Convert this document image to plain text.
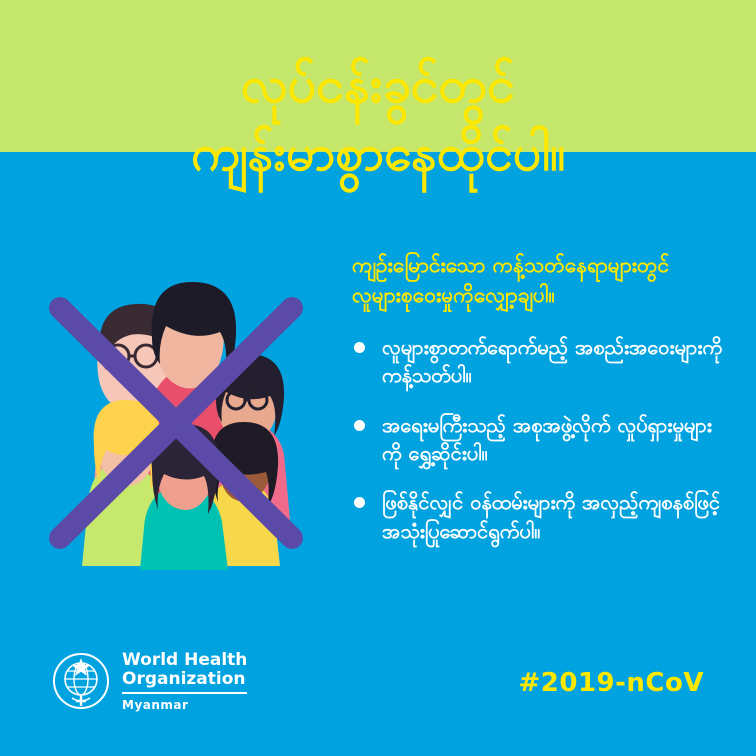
လုပ်ငန်းခွင်တွင်
ကျန်းမာစွာနေထိုင်ပါ။

ကျဉ်းမြောင်းသော ကန့်သတ်နေရာများတွင် လူများစုဝေးမှုကိုလျှော့ချပါ။

လူများစွာတက်ရောက်မည့် အစည်းအဝေးများကို ကန့်သတ်ပါ။
အရေးမကြီးသည့် အစုအဖွဲ့လိုက် လှုပ်ရှားမှုများကို ရွှေ့ဆိုင်းပါ။
ဖြစ်နိုင်လျှင် ဝန်ထမ်းများကို အလှည့်ကျစနစ်ဖြင့် အသုံးပြုဆောင်ရွက်ပါ။
World Health
Organization
Myanmar
#2019-nCoV
